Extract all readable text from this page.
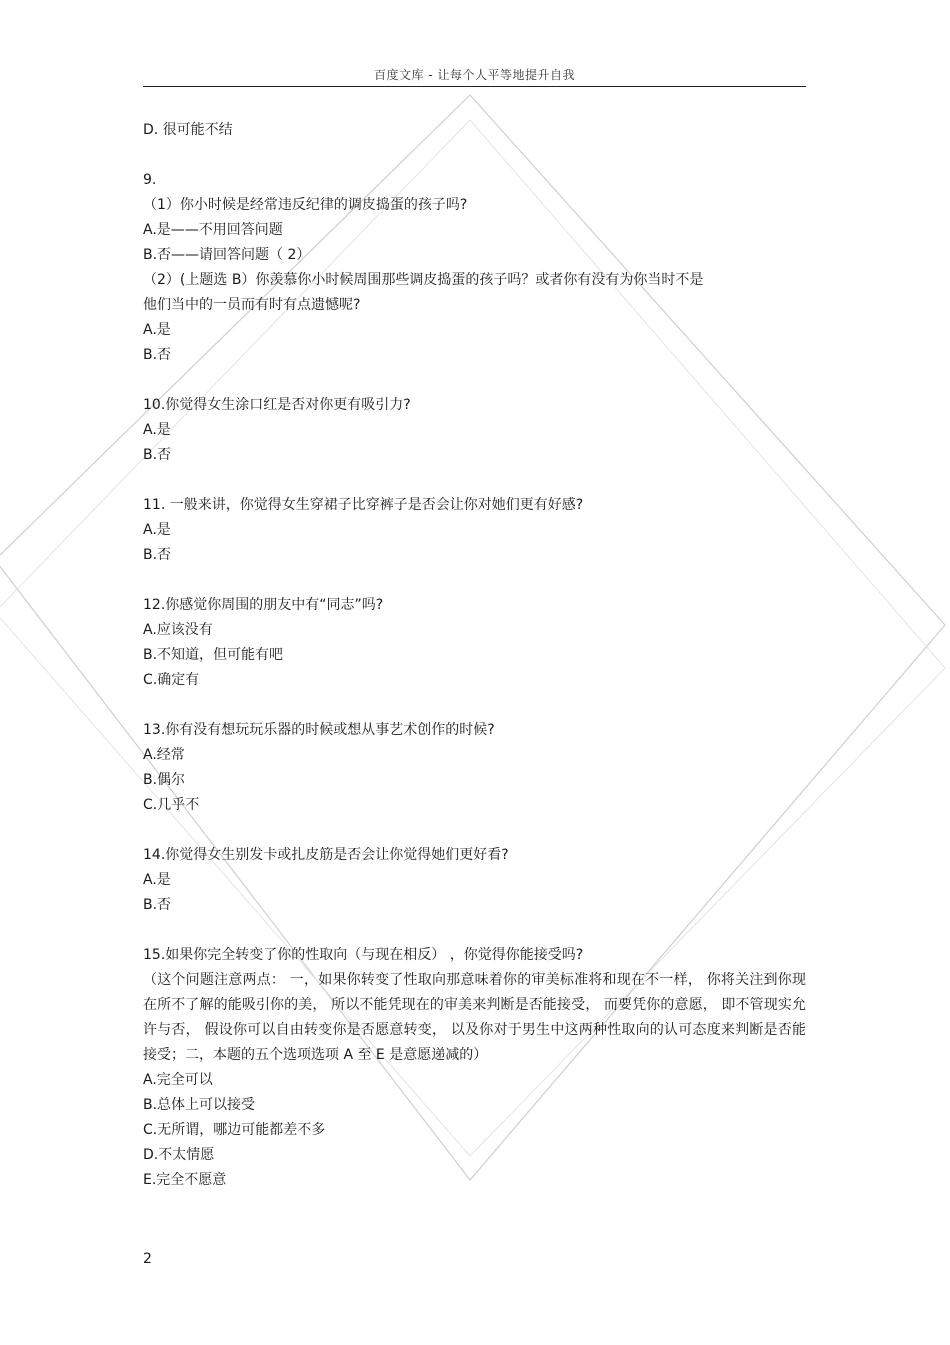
百度文库 - 让每个人平等地提升自我
D. 很可能不结
9.
（1）你小时候是经常违反纪律的调皮捣蛋的孩子吗?
A.是——不用回答问题
B.否——请回答问题（ 2）
（2）(上题选 B）你羡慕你小时候周围那些调皮捣蛋的孩子吗？或者你有没有为你当时不是
他们当中的一员而有时有点遗憾呢?
A.是
B.否
10.你觉得女生涂口红是否对你更有吸引力?
A.是
B.否
11. 一般来讲，你觉得女生穿裙子比穿裤子是否会让你对她们更有好感?
A.是
B.否
12.你感觉你周围的朋友中有“同志”吗?
A.应该没有
B.不知道，但可能有吧
C.确定有
13.你有没有想玩玩乐器的时候或想从事艺术创作的时候?
A.经常
B.偶尔
C.几乎不
14.你觉得女生别发卡或扎皮筋是否会让你觉得她们更好看?
A.是
B.否
15.如果你完全转变了你的性取向（与现在相反） ，你觉得你能接受吗?
（这个问题注意两点： 一，如果你转变了性取向那意味着你的审美标准将和现在不一样， 你将关注到你现在所不了解的能吸引你的美， 所以不能凭现在的审美来判断是否能接受， 而要凭你的意愿， 即不管现实允许与否， 假设你可以自由转变你是否愿意转变， 以及你对于男生中这两种性取向的认可态度来判断是否能接受；二，本题的五个选项选项 A 至 E 是意愿递减的）
A.完全可以
B.总体上可以接受
C.无所谓，哪边可能都差不多
D.不太情愿
E.完全不愿意
2
